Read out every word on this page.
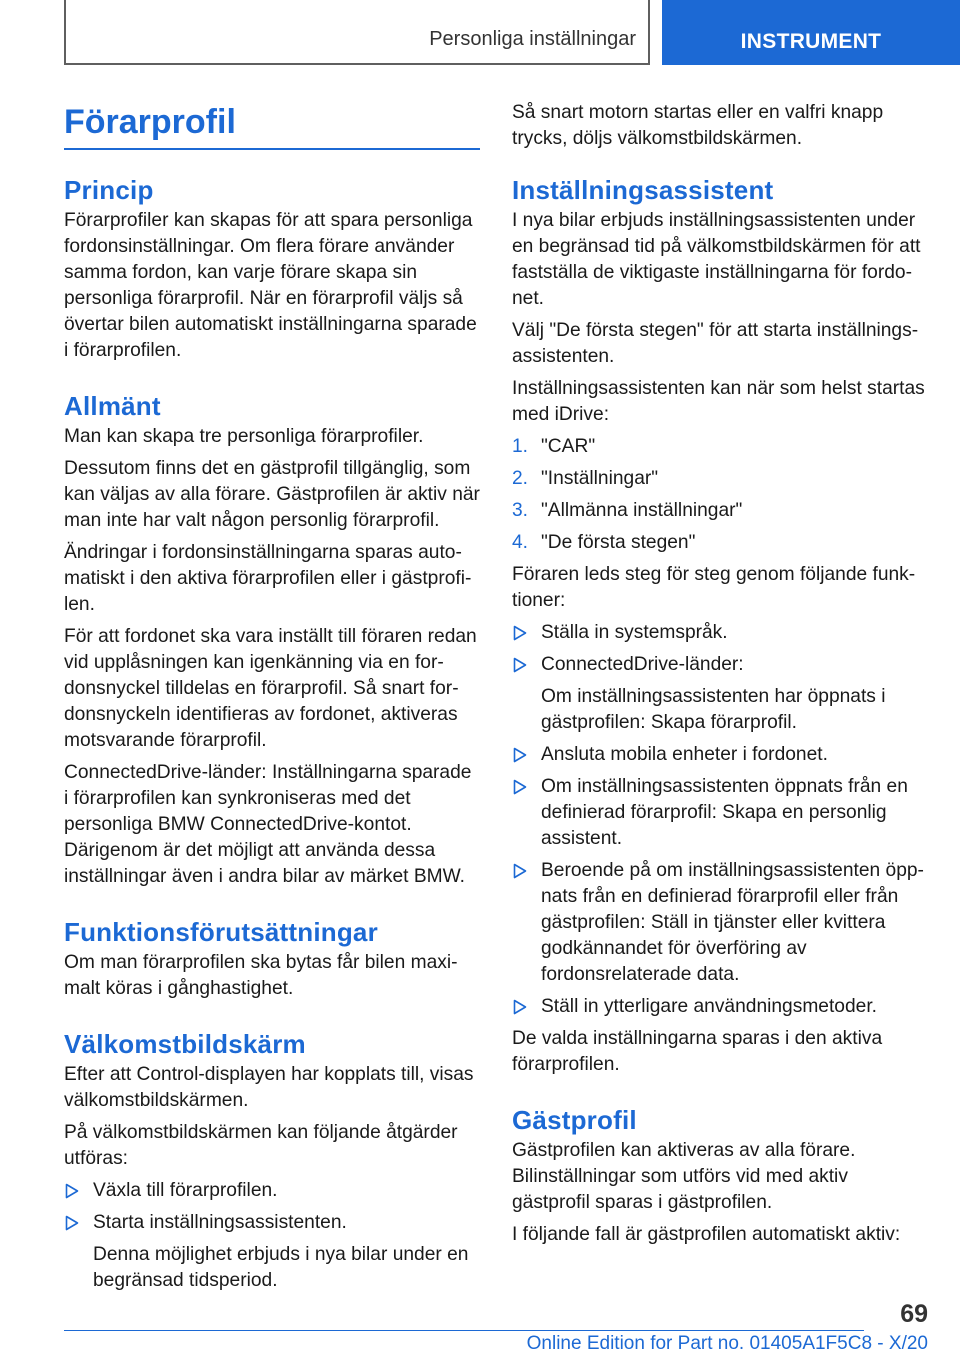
Personliga inställningar	INSTRUMENT
Förarprofil
Princip

Förarprofiler kan skapas för att spara personliga fordonsinställningar. Om flera förare använder samma fordon, kan varje förare skapa sin personliga förarprofil. När en förarprofil väljs så övertar bilen automatiskt inställningarna sparade i förarprofilen.

Allmänt

Man kan skapa tre personliga förarprofiler.

Dessutom finns det en gästprofil tillgänglig, som kan väljas av alla förare. Gästprofilen är aktiv när man inte har valt någon personlig förarprofil.

Ändringar i fordonsinställningarna sparas automatiskt i den aktiva förarprofilen eller i gästprofilen.

För att fordonet ska vara inställt till föraren redan vid upplåsningen kan igenkänning via en fordonsnyckel tilldelas en förarprofil. Så snart fordonsnyckeln identifieras av fordonet, aktiveras motsvarande förarprofil.

ConnectedDrive-länder: Inställningarna sparade i förarprofilen kan synkroniseras med det personliga BMW ConnectedDrive-kontot. Därigenom är det möjligt att använda dessa inställningar även i andra bilar av märket BMW.

Funktionsförutsättningar

Om man förarprofilen ska bytas får bilen maximalt köras i gånghastighet.

Välkomstbildskärm

Efter att Control-displayen har kopplats till, visas välkomstbildskärmen.

På välkomstbildskärmen kan följande åtgärder utföras:

Växla till förarprofilen.
Starta inställningsassistenten.
Denna möjlighet erbjuds i nya bilar under en begränsad tidsperiod.

Så snart motorn startas eller en valfri knapp trycks, döljs välkomstbildskärmen.

Inställningsassistent

I nya bilar erbjuds inställningsassistenten under en begränsad tid på välkomstbildskärmen för att fastställa de viktigaste inställningarna för fordonet.

Välj "De första stegen" för att starta inställningsassistenten.

Inställningsassistenten kan när som helst startas med iDrive:

1. "CAR"
2. "Inställningar"
3. "Allmänna inställningar"
4. "De första stegen"

Föraren leds steg för steg genom följande funktioner:

Ställa in systemspråk.
ConnectedDrive-länder:
Om inställningsassistenten har öppnats i gästprofilen: Skapa förarprofil.
Ansluta mobila enheter i fordonet.
Om inställningsassistenten öppnats från en definierad förarprofil: Skapa en personlig assistent.
Beroende på om inställningsassistenten öppnats från en definierad förarprofil eller från gästprofilen: Ställ in tjänster eller kvittera godkännandet för överföring av fordonsrelaterade data.
Ställ in ytterligare användningsmetoder.

De valda inställningarna sparas i den aktiva förarprofilen.

Gästprofil

Gästprofilen kan aktiveras av alla förare. Bilinställningar som utförs vid med aktiv gästprofil sparas i gästprofilen.

I följande fall är gästprofilen automatiskt aktiv:

69
Online Edition for Part no. 01405A1F5C8 - X/20
